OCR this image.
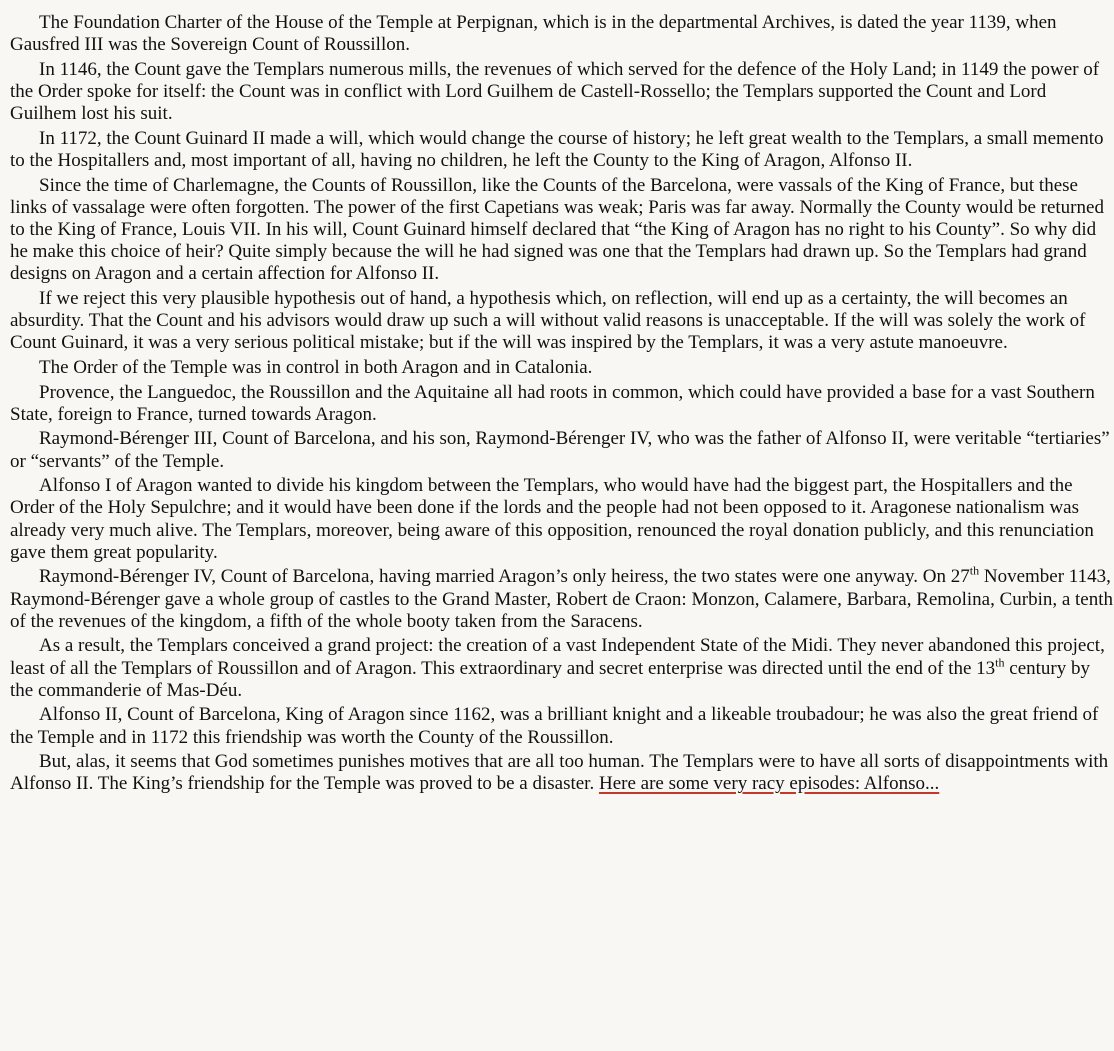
The Foundation Charter of the House of the Temple at Perpignan, which is in the departmental Archives, is dated the year 1139, when Gausfred III was the Sovereign Count of Roussillon.

In 1146, the Count gave the Templars numerous mills, the revenues of which served for the defence of the Holy Land; in 1149 the power of the Order spoke for itself: the Count was in conflict with Lord Guilhem de Castell-Rossello; the Templars supported the Count and Lord Guilhem lost his suit.

In 1172, the Count Guinard II made a will, which would change the course of history; he left great wealth to the Templars, a small memento to the Hospitallers and, most important of all, having no children, he left the County to the King of Aragon, Alfonso II.

Since the time of Charlemagne, the Counts of Roussillon, like the Counts of the Barcelona, were vassals of the King of France, but these links of vassalage were often forgotten. The power of the first Capetians was weak; Paris was far away. Normally the County would be returned to the King of France, Louis VII. In his will, Count Guinard himself declared that “the King of Aragon has no right to his County”. So why did he make this choice of heir? Quite simply because the will he had signed was one that the Templars had drawn up. So the Templars had grand designs on Aragon and a certain affection for Alfonso II.

If we reject this very plausible hypothesis out of hand, a hypothesis which, on reflection, will end up as a certainty, the will becomes an absurdity. That the Count and his advisors would draw up such a will without valid reasons is unacceptable. If the will was solely the work of Count Guinard, it was a very serious political mistake; but if the will was inspired by the Templars, it was a very astute manoeuvre.

The Order of the Temple was in control in both Aragon and in Catalonia.

Provence, the Languedoc, the Roussillon and the Aquitaine all had roots in common, which could have provided a base for a vast Southern State, foreign to France, turned towards Aragon.

Raymond-Bérenger III, Count of Barcelona, and his son, Raymond-Bérenger IV, who was the father of Alfonso II, were veritable “tertiaries” or “servants” of the Temple.

Alfonso I of Aragon wanted to divide his kingdom between the Templars, who would have had the biggest part, the Hospitallers and the Order of the Holy Sepulchre; and it would have been done if the lords and the people had not been opposed to it. Aragonese nationalism was already very much alive. The Templars, moreover, being aware of this opposition, renounced the royal donation publicly, and this renunciation gave them great popularity.

Raymond-Bérenger IV, Count of Barcelona, having married Aragon’s only heiress, the two states were one anyway. On 27th November 1143, Raymond-Bérenger gave a whole group of castles to the Grand Master, Robert de Craon: Monzon, Calamere, Barbara, Remolina, Curbin, a tenth of the revenues of the kingdom, a fifth of the whole booty taken from the Saracens.

As a result, the Templars conceived a grand project: the creation of a vast Independent State of the Midi. They never abandoned this project, least of all the Templars of Roussillon and of Aragon. This extraordinary and secret enterprise was directed until the end of the 13th century by the commanderie of Mas-Déu.

Alfonso II, Count of Barcelona, King of Aragon since 1162, was a brilliant knight and a likeable troubadour; he was also the great friend of the Temple and in 1172 this friendship was worth the County of the Roussillon.

But, alas, it seems that God sometimes punishes motives that are all too human. The Templars were to have all sorts of disappointments with Alfonso II. The King’s friendship for the Temple was proved to be a disaster. Here are some very racy episodes: Alfonso...
